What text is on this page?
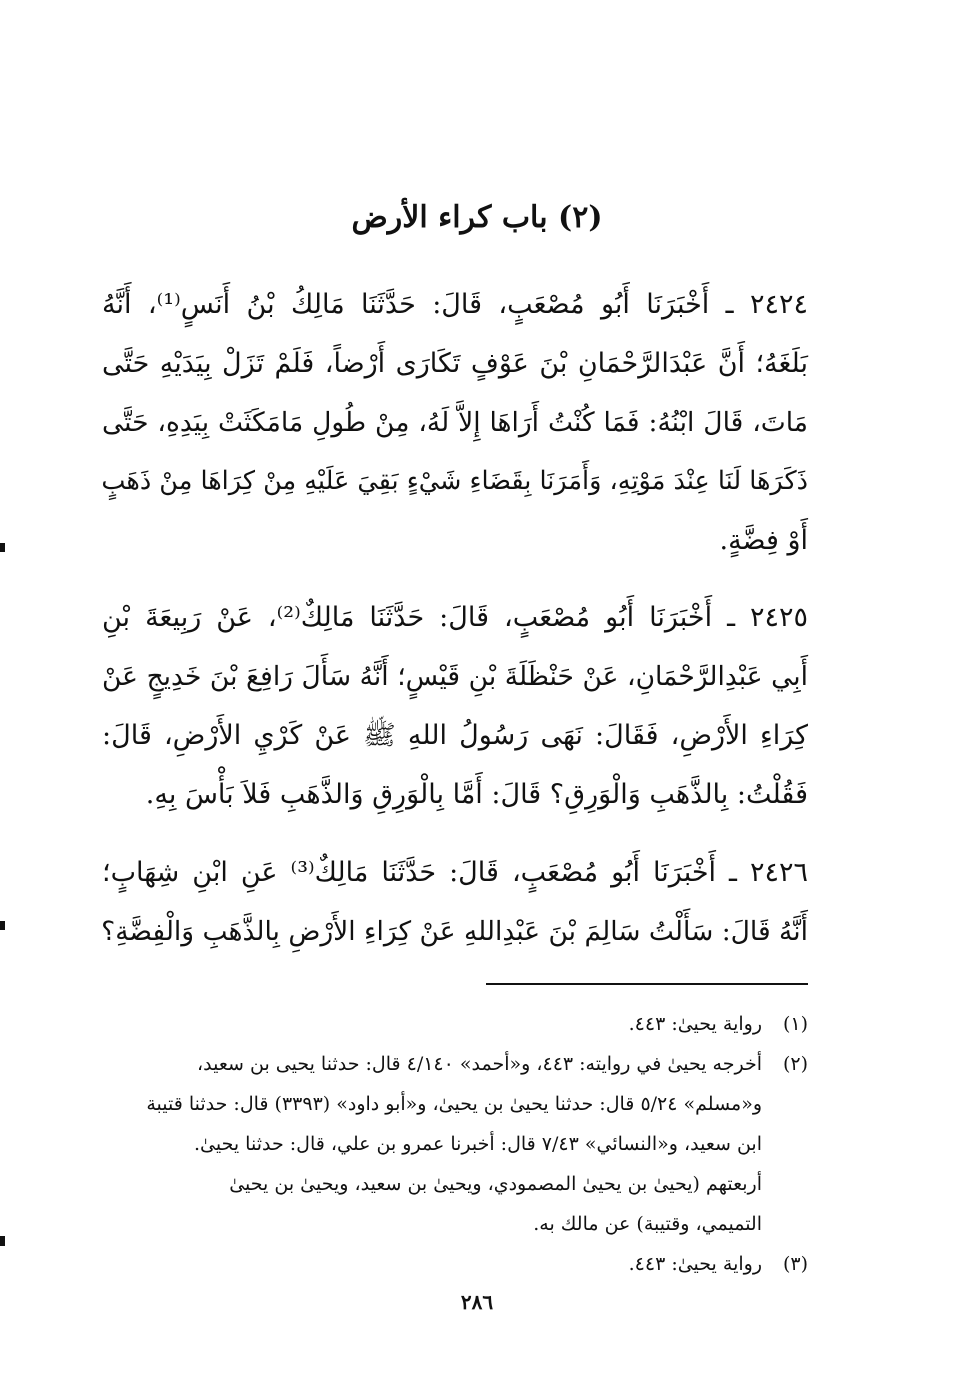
(٢) باب كراء الأرض
٢٤٢٤ ـ أَخْبَرَنَا أَبُو مُصْعَبٍ، قَالَ: حَدَّثَنَا مَالِكُ بْنُ أَنَسٍ⁽¹⁾، أَنَّهُ
بَلَغَهُ؛ أَنَّ عَبْدَالرَّحْمَانِ بْنَ عَوْفٍ تَكَارَى أَرْضاً، فَلَمْ تَزَلْ بِيَدَيْهِ حَتَّى
مَاتَ، قَالَ ابْنُهُ: فَمَا كُنْتُ أَرَاهَا إِلاَّ لَهُ، مِنْ طُولِ مَامَكَثَتْ بِيَدِهِ، حَتَّى
ذَكَرَهَا لَنَا عِنْدَ مَوْتِهِ، وَأَمَرَنَا بِقَضَاءِ شَيْءٍ بَقِيَ عَلَيْهِ مِنْ كِرَاهَا مِنْ ذَهَبٍ
أَوْ فِضَّةٍ.
٢٤٢٥ ـ أَخْبَرَنَا أَبُو مُصْعَبٍ، قَالَ: حَدَّثَنَا مَالِكٌ⁽²⁾، عَنْ رَبِيعَةَ بْنِ
أَبِي عَبْدِالرَّحْمَانِ، عَنْ حَنْظَلَةَ بْنِ قَيْسٍ؛ أَنَّهُ سَأَلَ رَافِعَ بْنَ خَدِيجٍ عَنْ
كِرَاءِ الأَرْضِ، فَقَالَ: نَهَى رَسُولُ اللهِ ﷺ عَنْ كَرْيِ الأَرْضِ، قَالَ:
فَقُلْتُ: بِالذَّهَبِ وَالْوَرِقِ؟ قَالَ: أَمَّا بِالْوَرِقِ وَالذَّهَبِ فَلاَ بَأْسَ بِهِ.
٢٤٢٦ ـ أَخْبَرَنَا أَبُو مُصْعَبٍ، قَالَ: حَدَّثَنَا مَالِكٌ⁽³⁾ عَنِ ابْنِ شِهَابٍ؛
أَنَّهُ قَالَ: سَأَلْتُ سَالِمَ بْنَ عَبْدِاللهِ عَنْ كِرَاءِ الأَرْضِ بِالذَّهَبِ وَالْفِضَّةِ؟
(١)
رواية يحيىٰ: ٤٤٣.
(٢)
أخرجه يحيىٰ في روايته: ٤٤٣، و«أحمد» ٤/١٤٠ قال: حدثنا يحيى بن سعيد،
و«مسلم» ٥/٢٤ قال: حدثنا يحيىٰ بن يحيىٰ، و«أبو داود» (٣٣٩٣) قال: حدثنا قتيبة
ابن سعيد، و«النسائي» ٧/٤٣ قال: أخبرنا عمرو بن علي، قال: حدثنا يحيىٰ.
أربعتهم (يحيىٰ بن يحيىٰ المصمودي، ويحيىٰ بن سعيد، ويحيىٰ بن يحيىٰ
التميمي، وقتيبة) عن مالك به.
(٣)
رواية يحيىٰ: ٤٤٣.
٢٨٦
